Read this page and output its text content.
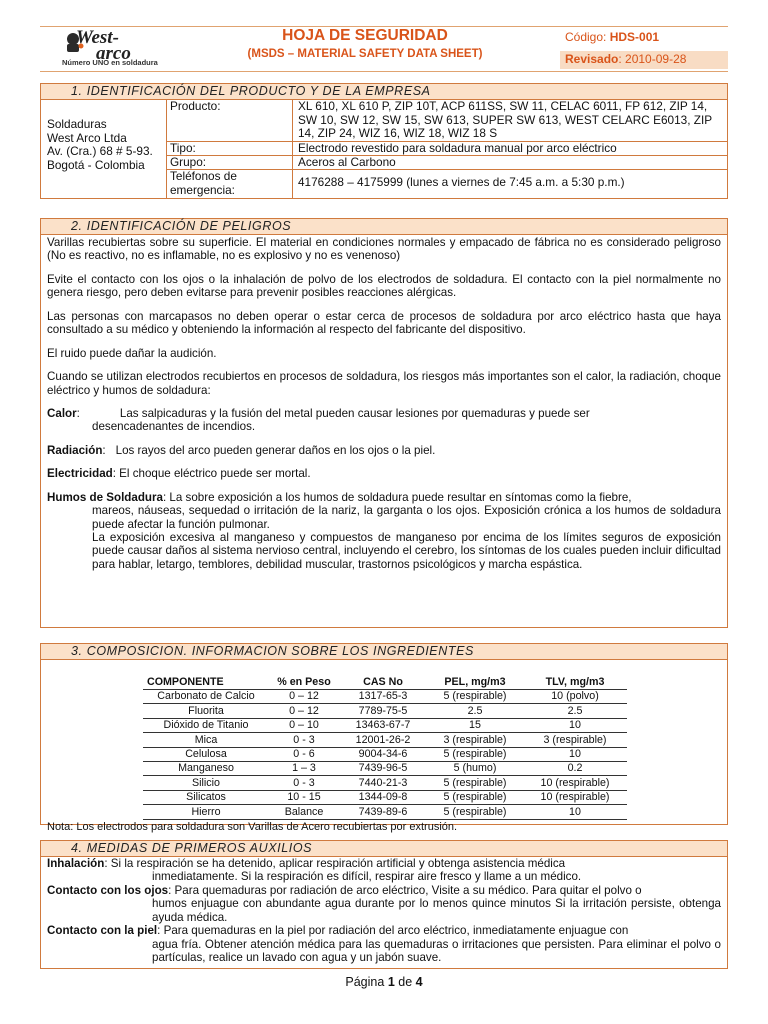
West-
arco
Número UNO en soldadura
HOJA DE SEGURIDAD
(MSDS – MATERIAL SAFETY DATA SHEET)
Código: HDS-001
Revisado: 2010-09-28
1. IDENTIFICACIÓN DEL PRODUCTO Y DE LA EMPRESA
Soldaduras
West Arco Ltda
Av. (Cra.) 68 # 5-93.
Bogotá - Colombia
Producto:	XL 610, XL 610 P, ZIP 10T, ACP 611SS, SW 11, CELAC 6011, FP 612, ZIP 14, SW 10, SW 12, SW 15, SW 613, SUPER SW 613, WEST CELARC E6013, ZIP 14, ZIP 24, WIZ 16, WIZ 18, WIZ 18 S
Tipo:	Electrodo revestido para soldadura manual por arco eléctrico
Grupo:	Aceros al Carbono
Teléfonos de emergencia:
4176288 – 4175999 (lunes a viernes de 7:45 a.m. a 5:30 p.m.)
2. IDENTIFICACIÓN DE PELIGROS

Varillas recubiertas sobre su superficie. El material en condiciones normales y empacado de fábrica no es considerado peligroso (No es reactivo, no es inflamable, no es explosivo y no es venenoso)

Evite el contacto con los ojos o la inhalación de polvo de los electrodos de soldadura. El contacto con la piel normalmente no genera riesgo, pero deben evitarse para prevenir posibles reacciones alérgicas.

Las personas con marcapasos no deben operar o estar cerca de procesos de soldadura por arco eléctrico hasta que haya consultado a su médico y obteniendo la información al respecto del fabricante del dispositivo.

El ruido puede dañar la audición.

Cuando se utilizan electrodos recubiertos en procesos de soldadura, los riesgos más importantes son el calor, la radiación, choque eléctrico y humos de soldadura:

Calor:	Las salpicaduras y la fusión del metal pueden causar lesiones por quemaduras y puede ser
desencadenantes de incendios.
Radiación: Los rayos del arco pueden generar daños en los ojos o la piel.
Electricidad: El choque eléctrico puede ser mortal.
Humos de Soldadura: La sobre exposición a los humos de soldadura puede resultar en síntomas como la fiebre,
mareos, náuseas, sequedad o irritación de la nariz, la garganta o los ojos. Exposición crónica a los humos de soldadura puede afectar la función pulmonar.
La exposición excesiva al manganeso y compuestos de manganeso por encima de los límites seguros de exposición puede causar daños al sistema nervioso central, incluyendo el cerebro, los síntomas de los cuales pueden incluir dificultad para hablar, letargo, temblores, debilidad muscular, trastornos psicológicos y marcha espástica.
3. COMPOSICION. INFORMACION SOBRE LOS INGREDIENTES
COMPONENTE	% en Peso	CAS No	PEL, mg/m3	TLV, mg/m3
Carbonato de Calcio	0 – 12	1317-65-3	5 (respirable)	10 (polvo)
Fluorita	0 – 12	7789-75-5	2.5	2.5
Dióxido de Titanio	0 – 10	13463-67-7	15	10
Mica	0 - 3	12001-26-2	3 (respirable)	3 (respirable)
Celulosa	0 - 6	9004-34-6	5 (respirable)	10
Manganeso	1 – 3	7439-96-5	5 (humo)	0.2
Silicio	0 - 3	7440-21-3	5 (respirable)	10 (respirable)
Silicatos	10 - 15	1344-09-8	5 (respirable)	10 (respirable)
Hierro	Balance	7439-89-6	5 (respirable)	10
Nota: Los electrodos para soldadura son Varillas de Acero recubiertas por extrusión.
4. MEDIDAS DE PRIMEROS AUXILIOS
Inhalación: Si la respiración se ha detenido, aplicar respiración artificial y obtenga asistencia médica
inmediatamente. Si la respiración es difícil, respirar aire fresco y llame a un médico.
Contacto con los ojos: Para quemaduras por radiación de arco eléctrico, Visite a su médico. Para quitar el polvo o
humos enjuague con abundante agua durante por lo menos quince minutos Si la irritación persiste, obtenga ayuda médica.
Contacto con la piel: Para quemaduras en la piel por radiación del arco eléctrico, inmediatamente enjuague con
agua fría. Obtener atención médica para las quemaduras o irritaciones que persisten. Para eliminar el polvo o partículas, realice un lavado con agua y un jabón suave.
Página 1 de 4
